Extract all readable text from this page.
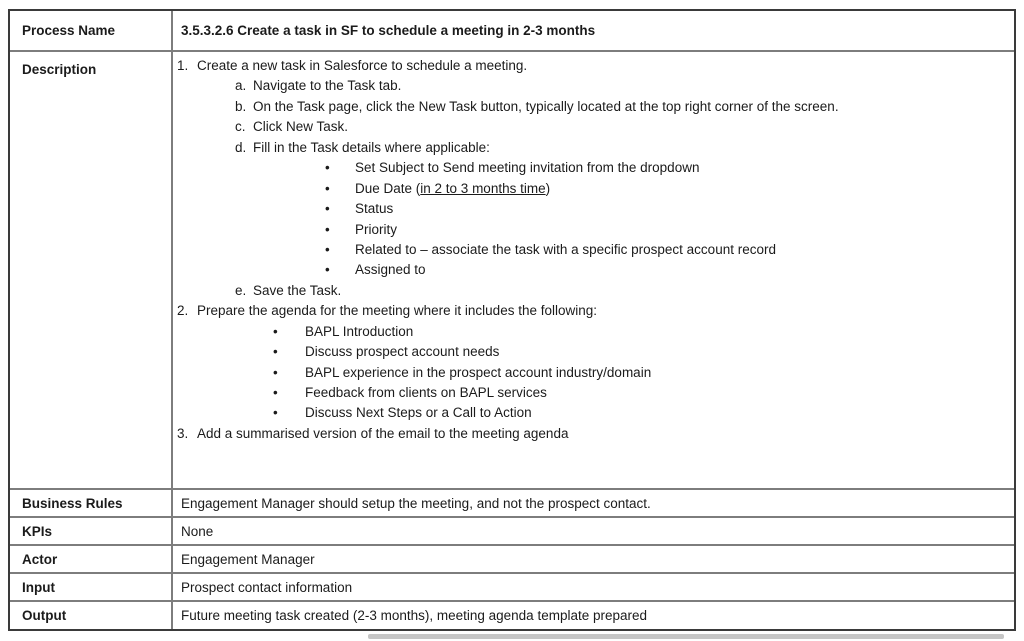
Process Name	3.5.3.2.6 Create a task in SF to schedule a meeting in 2-3 months
Description	1. Create a new task in Salesforce to schedule a meeting.
a. Navigate to the Task tab.
b. On the Task page, click the New Task button, typically located at the top right corner of the screen.
c. Click New Task.
d. Fill in the Task details where applicable:
•	Set Subject to Send meeting invitation from the dropdown
•	Due Date (in 2 to 3 months time)
•	Status
•	Priority
•	Related to – associate the task with a specific prospect account record
•	Assigned to
e. Save the Task.
2. Prepare the agenda for the meeting where it includes the following:
•	BAPL Introduction
•	Discuss prospect account needs
•	BAPL experience in the prospect account industry/domain
•	Feedback from clients on BAPL services
•	Discuss Next Steps or a Call to Action
3. Add a summarised version of the email to the meeting agenda
Business Rules	Engagement Manager should setup the meeting, and not the prospect contact.
KPIs	None
Actor	Engagement Manager
Input	Prospect contact information
Output	Future meeting task created (2-3 months), meeting agenda template prepared
